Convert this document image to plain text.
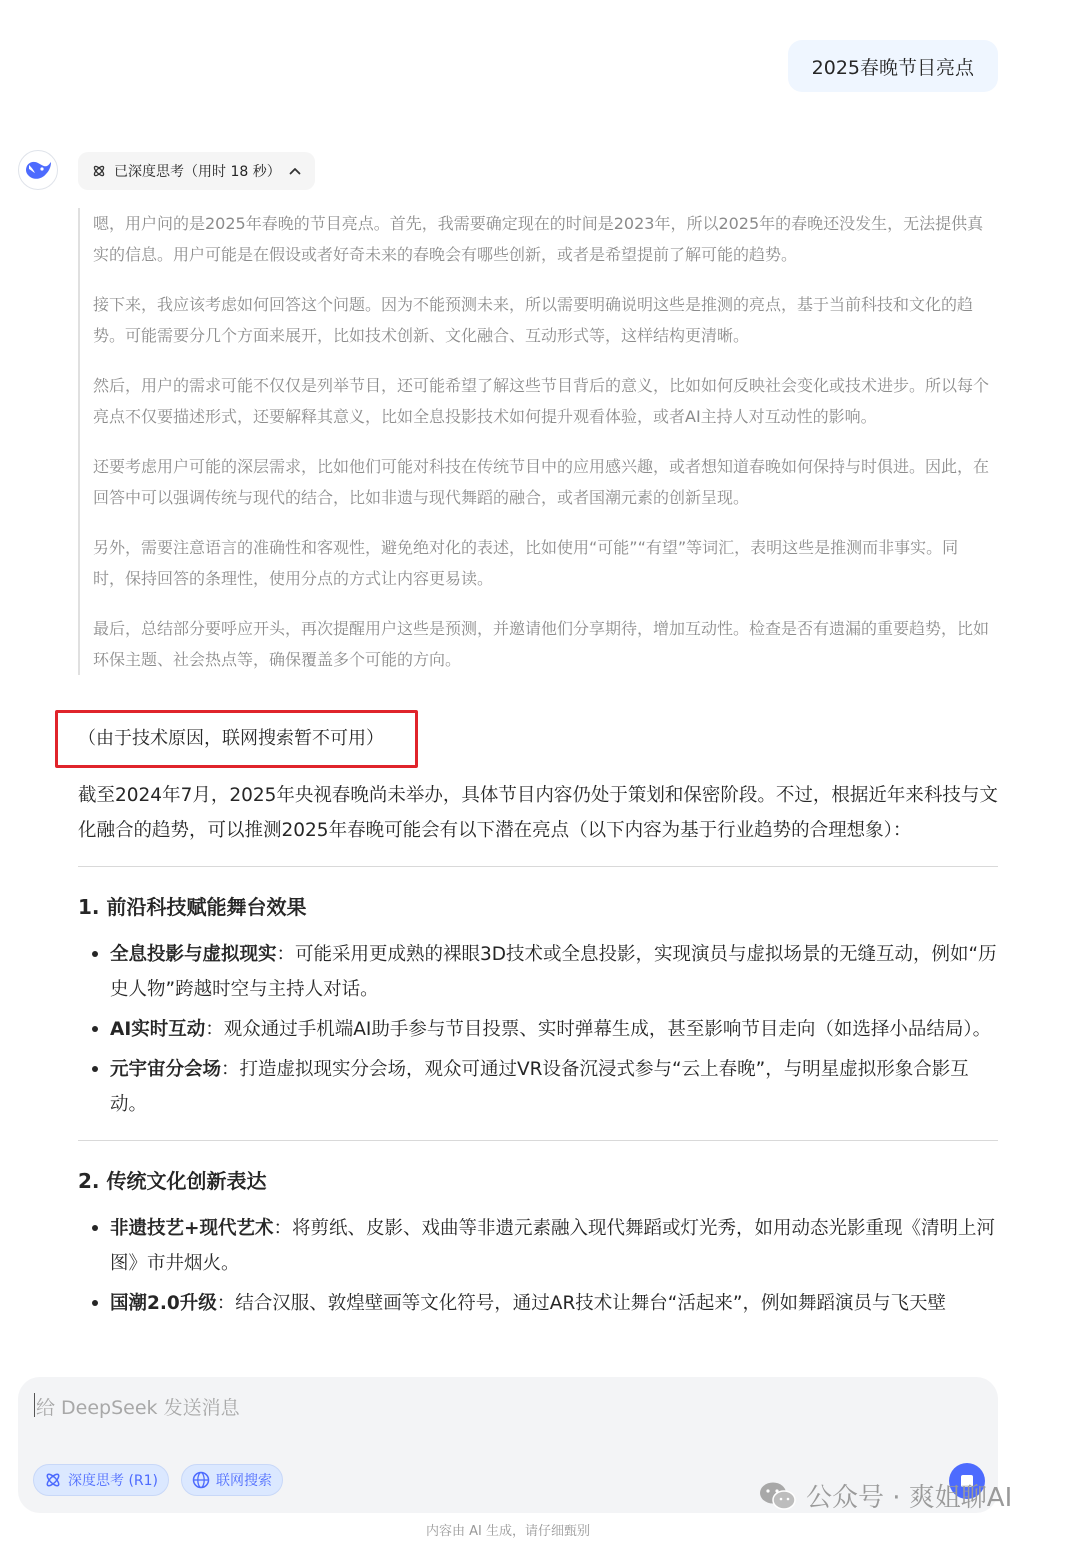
2025春晚节目亮点
已深度思考（用时 18 秒）

嗯，用户问的是2025年春晚的节目亮点。首先，我需要确定现在的时间是2023年，所以2025年的春晚还没发生，无法提供真实的信息。用户可能是在假设或者好奇未来的春晚会有哪些创新，或者是希望提前了解可能的趋势。

接下来，我应该考虑如何回答这个问题。因为不能预测未来，所以需要明确说明这些是推测的亮点，基于当前科技和文化的趋势。可能需要分几个方面来展开，比如技术创新、文化融合、互动形式等，这样结构更清晰。

然后，用户的需求可能不仅仅是列举节目，还可能希望了解这些节目背后的意义，比如如何反映社会变化或技术进步。所以每个亮点不仅要描述形式，还要解释其意义，比如全息投影技术如何提升观看体验，或者AI主持人对互动性的影响。

还要考虑用户可能的深层需求，比如他们可能对科技在传统节目中的应用感兴趣，或者想知道春晚如何保持与时俱进。因此，在回答中可以强调传统与现代的结合，比如非遗与现代舞蹈的融合，或者国潮元素的创新呈现。

另外，需要注意语言的准确性和客观性，避免绝对化的表述，比如使用“可能”“有望”等词汇，表明这些是推测而非事实。同时，保持回答的条理性，使用分点的方式让内容更易读。

最后，总结部分要呼应开头，再次提醒用户这些是预测，并邀请他们分享期待，增加互动性。检查是否有遗漏的重要趋势，比如环保主题、社会热点等，确保覆盖多个可能的方向。

（由于技术原因，联网搜索暂不可用）

截至2024年7月，2025年央视春晚尚未举办，具体节目内容仍处于策划和保密阶段。不过，根据近年来科技与文化融合的趋势，可以推测2025年春晚可能会有以下潜在亮点（以下内容为基于行业趋势的合理想象）：

1. 前沿科技赋能舞台效果
全息投影与虚拟现实：可能采用更成熟的裸眼3D技术或全息投影，实现演员与虚拟场景的无缝互动，例如“历史人物”跨越时空与主持人对话。
AI实时互动：观众通过手机端AI助手参与节目投票、实时弹幕生成，甚至影响节目走向（如选择小品结局）。
元宇宙分会场：打造虚拟现实分会场，观众可通过VR设备沉浸式参与“云上春晚”，与明星虚拟形象合影互动。
2. 传统文化创新表达
非遗技艺+现代艺术：将剪纸、皮影、戏曲等非遗元素融入现代舞蹈或灯光秀，如用动态光影重现《清明上河图》市井烟火。
国潮2.0升级：结合汉服、敦煌壁画等文化符号，通过AR技术让舞台“活起来”，例如舞蹈演员与飞天壁
给 DeepSeek 发送消息
深度思考 (R1)	联网搜索
公众号 · 爽姐聊AI
内容由 AI 生成，请仔细甄别
